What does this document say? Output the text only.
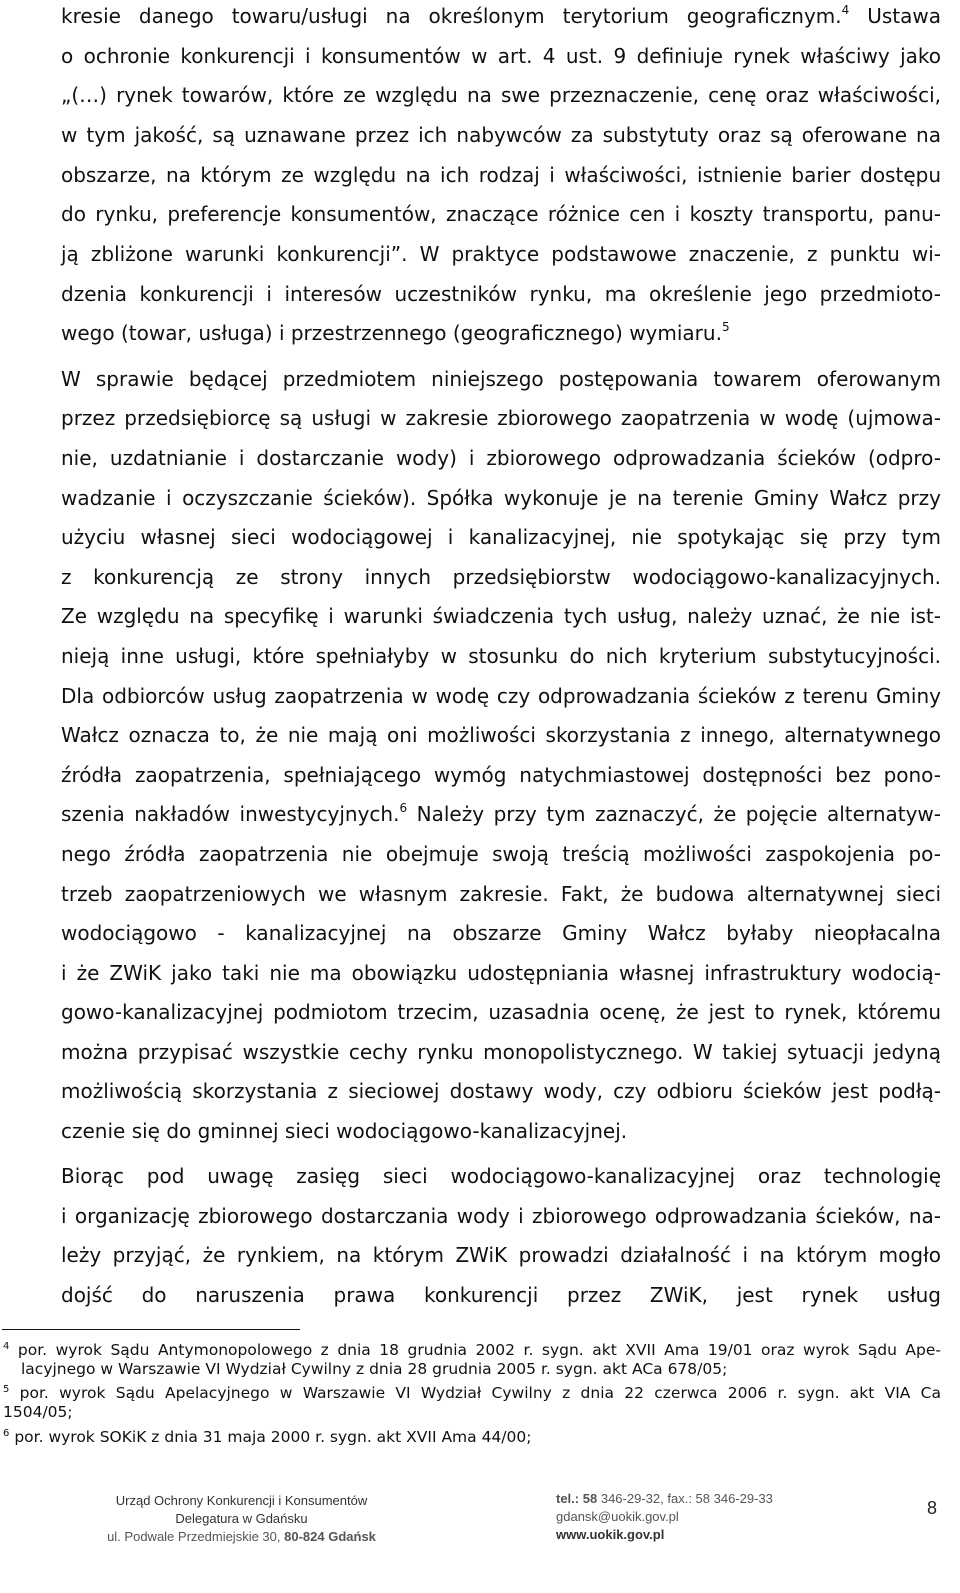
kresie danego towaru/usługi na określonym terytorium geograficznym.$^4$ Ustawa
o ochronie konkurencji i konsumentów w art. 4 ust. 9 definiuje rynek właściwy jako
„(…) rynek towarów, które ze względu na swe przeznaczenie, cenę oraz właściwości,
w tym jakość, są uznawane przez ich nabywców za substytuty oraz są oferowane na
obszarze, na którym ze względu na ich rodzaj i właściwości, istnienie barier dostępu
do rynku, preferencje konsumentów, znaczące różnice cen i koszty transportu, panu-
ją zbliżone warunki konkurencji”. W praktyce podstawowe znaczenie, z punktu wi-
dzenia konkurencji i interesów uczestników rynku, ma określenie jego przedmioto-
wego (towar, usługa) i przestrzennego (geograficznego) wymiaru.$^5$
W sprawie będącej przedmiotem niniejszego postępowania towarem oferowanym
przez przedsiębiorcę są usługi w zakresie zbiorowego zaopatrzenia w wodę (ujmowa-
nie, uzdatnianie i dostarczanie wody) i zbiorowego odprowadzania ścieków (odpro-
wadzanie i oczyszczanie ścieków). Spółka wykonuje je na terenie Gminy Wałcz przy
użyciu własnej sieci wodociągowej i kanalizacyjnej, nie spotykając się przy tym
z konkurencją ze strony innych przedsiębiorstw wodociągowo-kanalizacyjnych.
Ze względu na specyfikę i warunki świadczenia tych usług, należy uznać, że nie ist-
nieją inne usługi, które spełniałyby w stosunku do nich kryterium substytucyjności.
Dla odbiorców usług zaopatrzenia w wodę czy odprowadzania ścieków z terenu Gminy
Wałcz oznacza to, że nie mają oni możliwości skorzystania z innego, alternatywnego
źródła zaopatrzenia, spełniającego wymóg natychmiastowej dostępności bez pono-
szenia nakładów inwestycyjnych.$^6$ Należy przy tym zaznaczyć, że pojęcie alternatyw-
nego źródła zaopatrzenia nie obejmuje swoją treścią możliwości zaspokojenia po-
trzeb zaopatrzeniowych we własnym zakresie. Fakt, że budowa alternatywnej sieci
wodociągowo - kanalizacyjnej na obszarze Gminy Wałcz byłaby nieopłacalna
i że ZWiK jako taki nie ma obowiązku udostępniania własnej infrastruktury wodocią-
gowo-kanalizacyjnej podmiotom trzecim, uzasadnia ocenę, że jest to rynek, któremu
można przypisać wszystkie cechy rynku monopolistycznego. W takiej sytuacji jedyną
możliwością skorzystania z sieciowej dostawy wody, czy odbioru ścieków jest podłą-
czenie się do gminnej sieci wodociągowo-kanalizacyjnej.
Biorąc pod uwagę zasięg sieci wodociągowo-kanalizacyjnej oraz technologię
i organizację zbiorowego dostarczania wody i zbiorowego odprowadzania ścieków, na-
leży przyjąć, że rynkiem, na którym ZWiK prowadzi działalność i na którym mogło
dojść do naruszenia prawa konkurencji przez ZWiK, jest rynek usług
$^4$ por. wyrok Sądu Antymonopolowego z dnia 18 grudnia 2002 r. sygn. akt XVII Ama 19/01 oraz wyrok Sądu Ape-
lacyjnego w Warszawie VI Wydział Cywilny z dnia 28 grudnia 2005 r. sygn. akt ACa 678/05;
$^5$ por. wyrok Sądu Apelacyjnego w Warszawie VI Wydział Cywilny z dnia 22 czerwca 2006 r. sygn. akt VIA Ca
1504/05;
$^6$ por. wyrok SOKiK z dnia 31 maja 2000 r. sygn. akt XVII Ama 44/00;
Urząd Ochrony Konkurencji i Konsumentów
Delegatura w Gdańsku
ul. Podwale Przedmiejskie 30, 80-824 Gdańsk
tel.: 58 346-29-32, fax.: 58 346-29-33
gdansk@uokik.gov.pl
www.uokik.gov.pl
8
